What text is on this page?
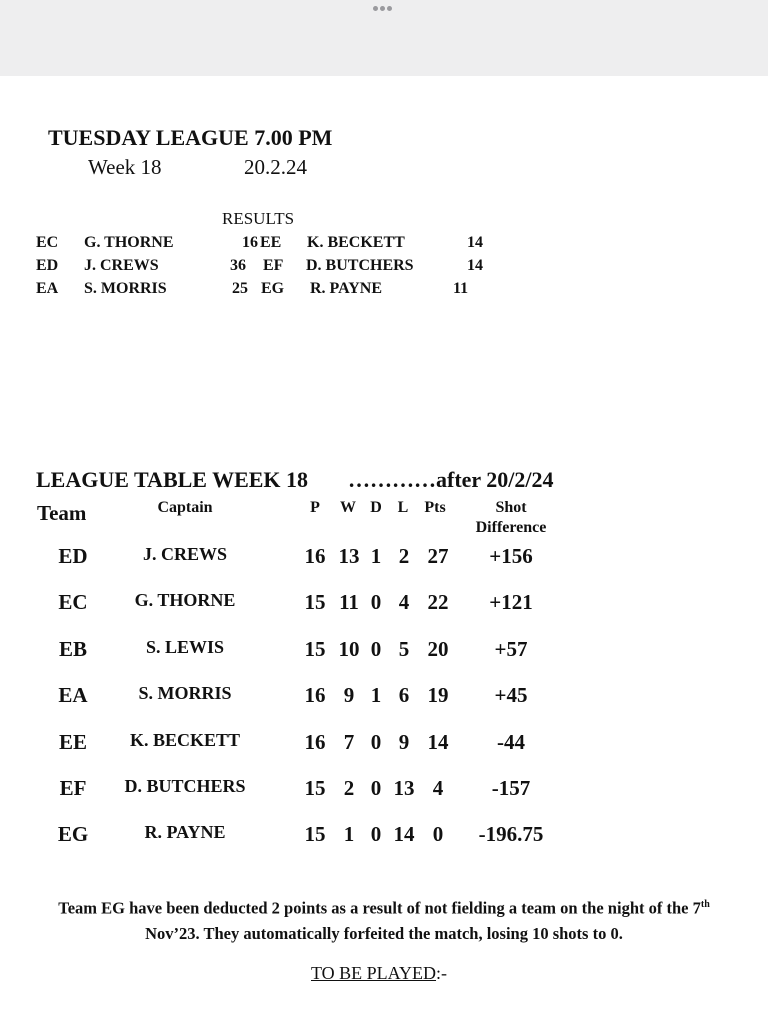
TUESDAY LEAGUE 7.00 PM
Week 18	20.2.24
RESULTS
EC G. THORNE	16 EE K. BECKETT	14
ED J. CREWS	36 EF D. BUTCHERS	14
EA S. MORRIS	25 EG R. PAYNE	11
LEAGUE TABLE WEEK 18 …………after 20/2/24
Team	Captain	P W D L Pts	Shot
Difference
ED	J. CREWS	16 13 1 2 27 +156
EC	G. THORNE	15 11 0 4 22 +121
EB	S. LEWIS	15 10 0 5 20 +57
EA	S. MORRIS	16 9 1 6 19 +45
EE K. BECKETT	16 7 0 9 14 -44
EF D. BUTCHERS	15 2 0 13 4 -157
EG	R. PAYNE	15 1 0 14 0 -196.75
Team EG have been deducted 2 points as a result of not fielding a team on the night of the 7th Nov’23. They automatically forfeited the match, losing 10 shots to 0.
TO BE PLAYED:-
